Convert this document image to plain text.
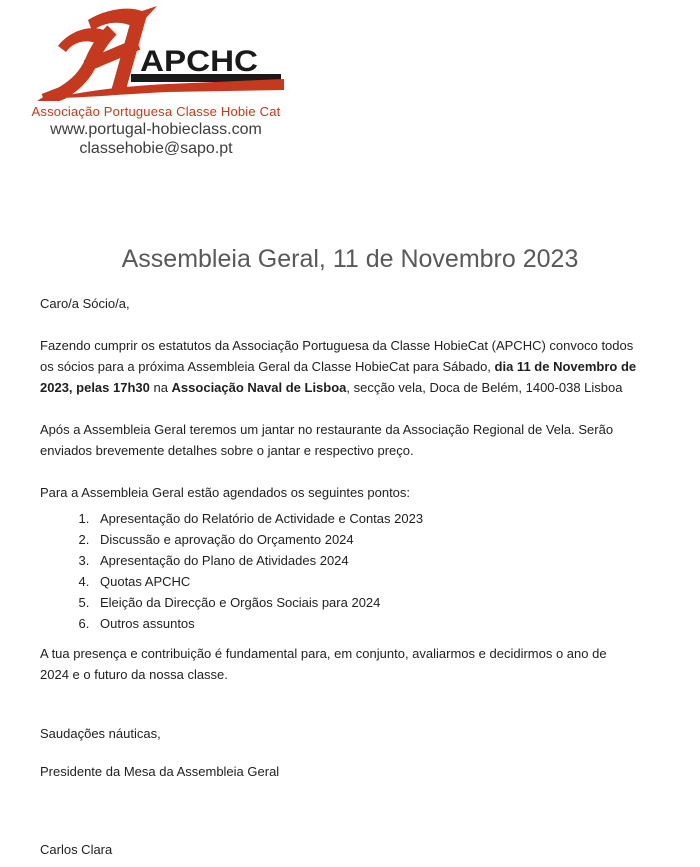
APCHC
Associação Portuguesa Classe Hobie Cat
www.portugal-hobieclass.com
classehobie@sapo.pt
Assembleia Geral, 11 de Novembro 2023
Caro/a Sócio/a,
Fazendo cumprir os estatutos da Associação Portuguesa da Classe HobieCat (APCHC) convoco todos
os sócios para a próxima Assembleia Geral da Classe HobieCat para Sábado, dia 11 de Novembro de
2023, pelas 17h30 na Associação Naval de Lisboa, secção vela, Doca de Belém, 1400-038 Lisboa
Após a Assembleia Geral teremos um jantar no restaurante da Associação Regional de Vela. Serão
enviados brevemente detalhes sobre o jantar e respectivo preço.
Para a Assembleia Geral estão agendados os seguintes pontos:
1. Apresentação do Relatório de Actividade e Contas 2023
2. Discussão e aprovação do Orçamento 2024
3. Apresentação do Plano de Atividades 2024
4. Quotas APCHC
5. Eleição da Direcção e Orgãos Sociais para 2024
6. Outros assuntos
A tua presença e contribuição é fundamental para, em conjunto, avaliarmos e decidirmos o ano de
2024 e o futuro da nossa classe.
Saudações náuticas,
Presidente da Mesa da Assembleia Geral
Carlos Clara
